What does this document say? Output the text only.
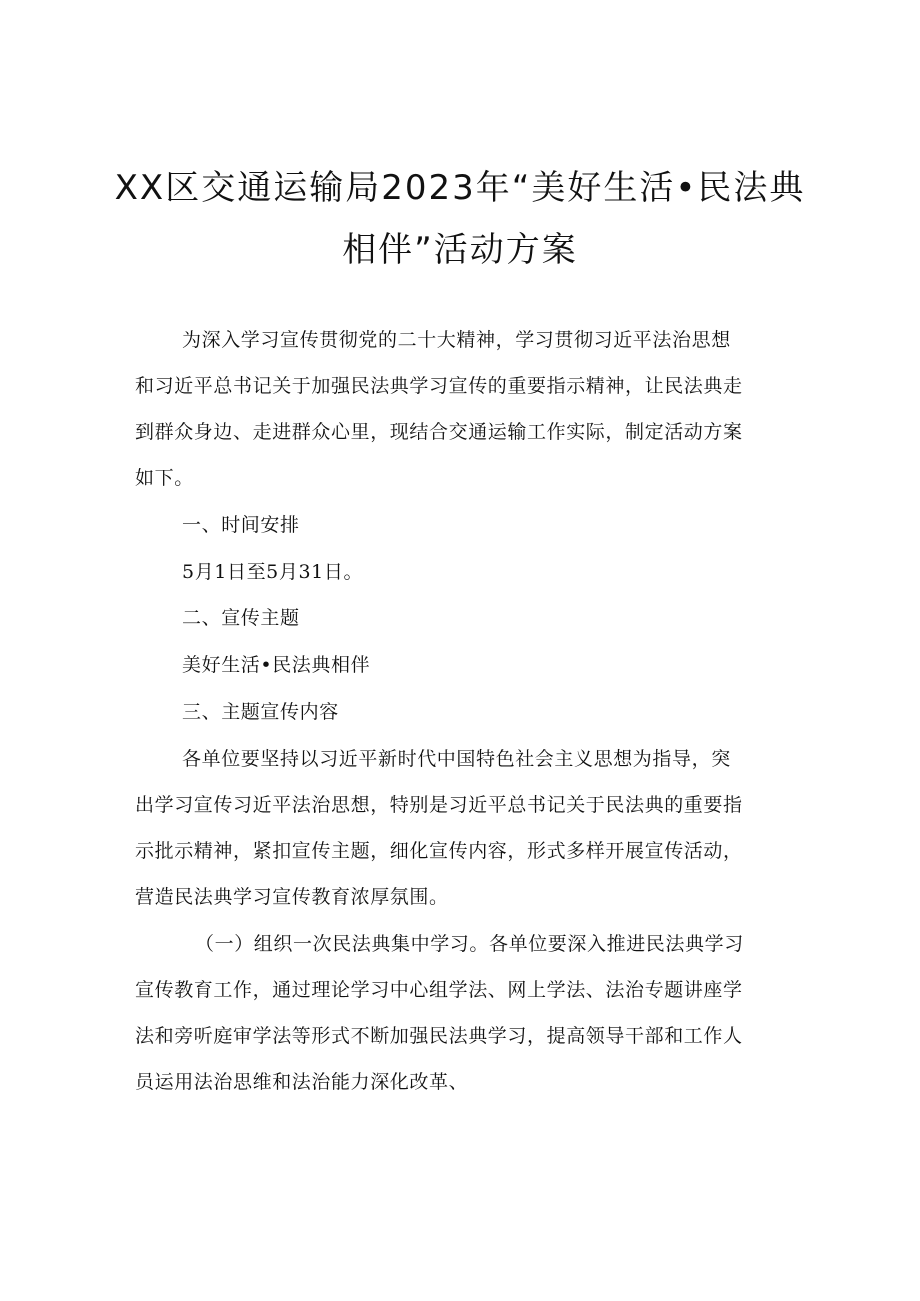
XX区交通运输局2023年“美好生活•民法典
相伴”活动方案
为深入学习宣传贯彻党的二十大精神，学习贯彻习近平法治思想
和习近平总书记关于加强民法典学习宣传的重要指示精神，让民法典走
到群众身边、走进群众心里，现结合交通运输工作实际，制定活动方案
如下。
一、时间安排
5月1日至5月31日。
二、宣传主题
美好生活•民法典相伴
三、主题宣传内容
各单位要坚持以习近平新时代中国特色社会主义思想为指导，突
出学习宣传习近平法治思想，特别是习近平总书记关于民法典的重要指
示批示精神，紧扣宣传主题，细化宣传内容，形式多样开展宣传活动，
营造民法典学习宣传教育浓厚氛围。
（一）组织一次民法典集中学习。各单位要深入推进民法典学习
宣传教育工作，通过理论学习中心组学法、网上学法、法治专题讲座学
法和旁听庭审学法等形式不断加强民法典学习，提高领导干部和工作人
员运用法治思维和法治能力深化改革、
